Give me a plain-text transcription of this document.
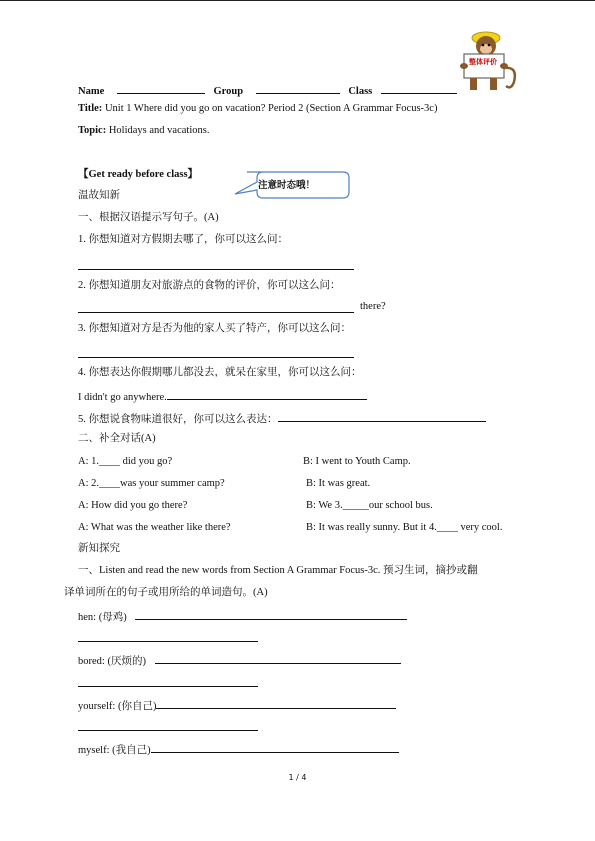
整体评价
Name	Group	Class
Title: Unit 1 Where did you go on vacation? Period 2 (Section A Grammar Focus-3c)
Topic: Holidays and vacations.
【Get ready before class】
注意时态哦！
温故知新
一、根据汉语提示写句子。(A)
1. 你想知道对方假期去哪了，你可以这么问：
2. 你想知道朋友对旅游点的食物的评价，你可以这么问：
there?
3. 你想知道对方是否为他的家人买了特产，你可以这么问：
4. 你想表达你假期哪儿都没去，就呆在家里，你可以这么问：
I didn't go anywhere.
5. 你想说食物味道很好，你可以这么表达：
二、补全对话(A)
A: 1.____ did you go?	B: I went to Youth Camp.
A: 2.____was your summer camp?	B: It was great.
A: How did you go there?	B: We 3._____our school bus.
A: What was the weather like there?	B: It was really sunny. But it 4.____ very cool.
新知探究
一、Listen and read the new words from Section A Grammar Focus-3c. 预习生词，摘抄或翻
译单词所在的句子或用所给的单词造句。(A)
hen: (母鸡)
bored: (厌烦的)
yourself: (你自己)
myself: (我自己)
1 / 4
